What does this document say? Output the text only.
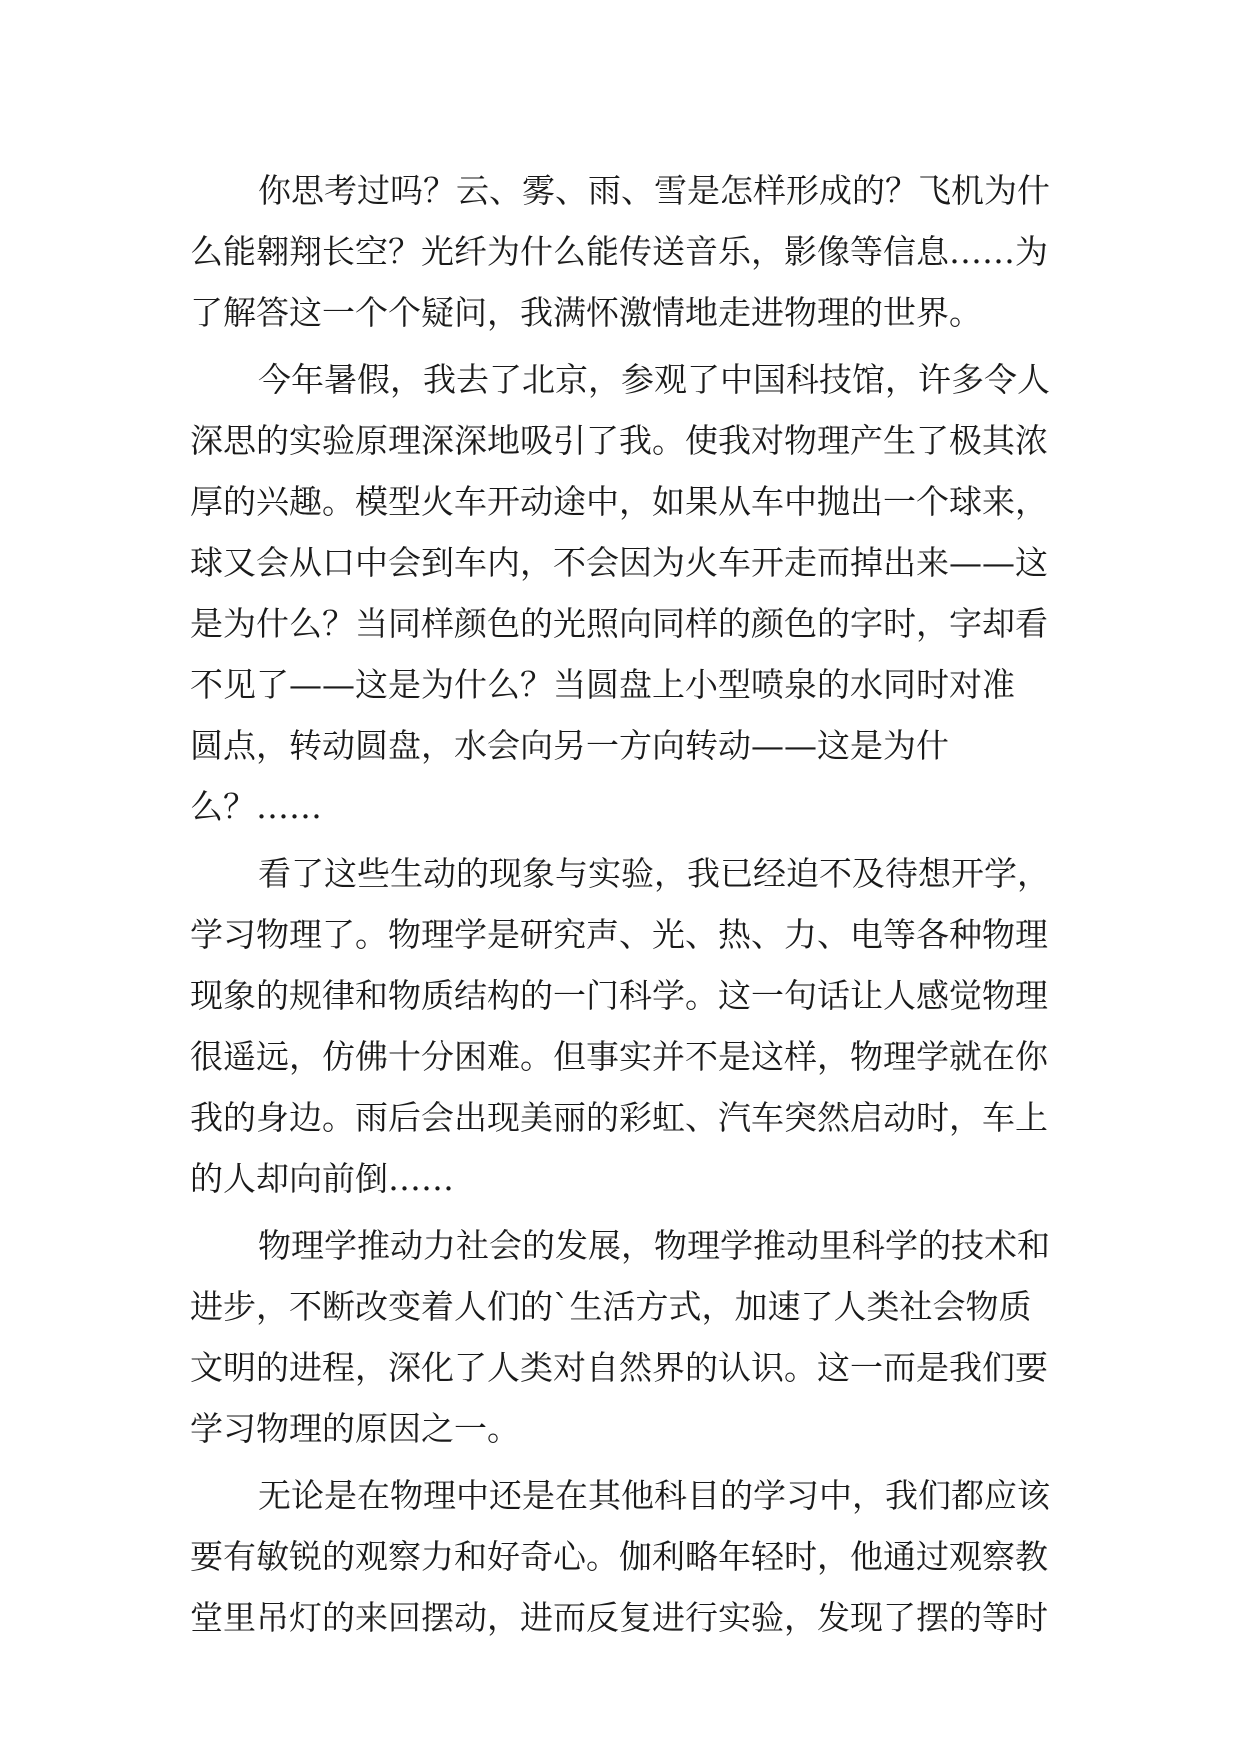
你思考过吗？云、雾、雨、雪是怎样形成的？飞机为什
么能翱翔长空？光纤为什么能传送音乐，影像等信息……为
了解答这一个个疑问，我满怀激情地走进物理的世界。
今年暑假，我去了北京，参观了中国科技馆，许多令人
深思的实验原理深深地吸引了我。使我对物理产生了极其浓
厚的兴趣。模型火车开动途中，如果从车中抛出一个球来，
球又会从口中会到车内，不会因为火车开走而掉出来——这
是为什么？当同样颜色的光照向同样的颜色的字时，字却看
不见了——这是为什么？当圆盘上小型喷泉的水同时对准
圆点，转动圆盘，水会向另一方向转动——这是为什
么？……
看了这些生动的现象与实验，我已经迫不及待想开学，
学习物理了。物理学是研究声、光、热、力、电等各种物理
现象的规律和物质结构的一门科学。这一句话让人感觉物理
很遥远，仿佛十分困难。但事实并不是这样，物理学就在你
我的身边。雨后会出现美丽的彩虹、汽车突然启动时，车上
的人却向前倒……
物理学推动力社会的发展，物理学推动里科学的技术和
进步，不断改变着人们的`生活方式，加速了人类社会物质
文明的进程，深化了人类对自然界的认识。这一而是我们要
学习物理的原因之一。
无论是在物理中还是在其他科目的学习中，我们都应该
要有敏锐的观察力和好奇心。伽利略年轻时，他通过观察教
堂里吊灯的来回摆动，进而反复进行实验，发现了摆的等时
